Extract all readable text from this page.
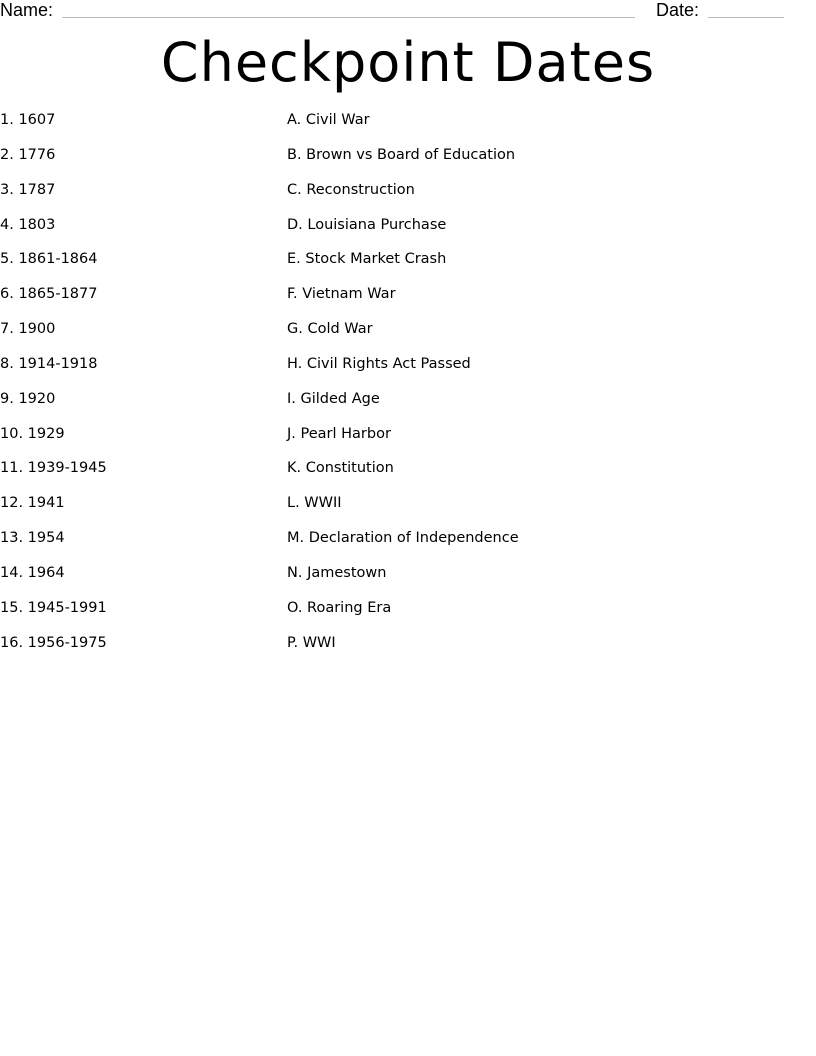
Name:	Date:
Checkpoint Dates
1. 1607	A. Civil War
2. 1776	B. Brown vs Board of Education
3. 1787	C. Reconstruction
4. 1803	D. Louisiana Purchase
5. 1861-1864	E. Stock Market Crash
6. 1865-1877	F. Vietnam War
7. 1900	G. Cold War
8. 1914-1918	H. Civil Rights Act Passed
9. 1920	I. Gilded Age
10. 1929	J. Pearl Harbor
11. 1939-1945	K. Constitution
12. 1941	L. WWII
13. 1954	M. Declaration of Independence
14. 1964	N. Jamestown
15. 1945-1991	O. Roaring Era
16. 1956-1975	P. WWI
